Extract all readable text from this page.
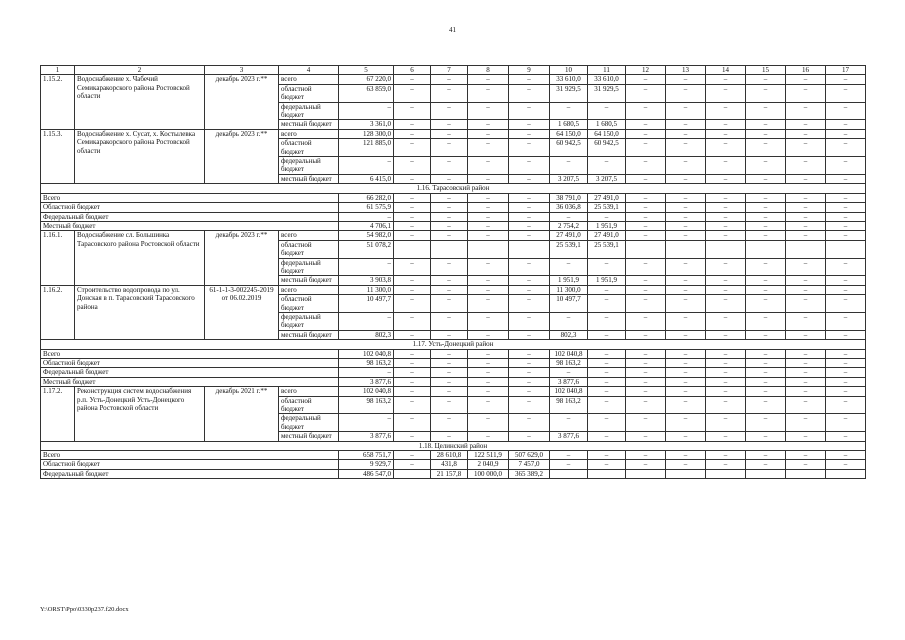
41
1	2	3	4	5	6	7	8	9	10	11	12	13	14	15	16	17
1.15.2.	Водоснабжение х. Чабечий Семикаракорского района Ростовской области	декабрь 2023 г.**	всего	67 220,0	–	–	–	–	33 610,0	33 610,0	–	–	–	–	–	–
			областной бюджет	63 859,0	–	–	–	–	31 929,5	31 929,5	–	–	–	–	–	–
			федеральный бюджет	–	–	–	–	–	–	–	–	–	–	–	–	–
			местный бюджет	3 361,0	–	–	–	–	1 680,5	1 680,5	–	–	–	–	–	–
1.15.3.	Водоснабжение х. Сусат, х. Костылевка Семикаракорского района Ростовской области	декабрь 2023 г.**	всего	128 300,0	–	–	–	–	64 150,0	64 150,0	–	–	–	–	–	–
			областной бюджет	121 885,0	–	–	–	–	60 942,5	60 942,5	–	–	–	–	–	–
			федеральный бюджет	–	–	–	–	–	–	–	–	–	–	–	–	–
			местный бюджет	6 415,0	–	–	–	–	3 207,5	3 207,5	–	–	–	–	–	–
1.16. Тарасовский район																
Всего				66 282,0	–	–	–	–	38 791,0	27 491,0	–	–	–	–	–	–
Областной бюджет				61 575,9	–	–	–	–	36 036,8	25 539,1	–	–	–	–	–	–
Федеральный бюджет				–	–	–	–	–	–	–	–	–	–	–	–	–
Местный бюджет				4 706,1	–	–	–	–	2 754,2	1 951,9	–	–	–	–	–	–
1.16.1.	Водоснабжение сл. Большинка Тарасовского района Ростовской области	декабрь 2023 г.**	всего	54 982,0	–	–	–	–	27 491,0	27 491,0	–	–	–	–	–	–
			областной бюджет	51 078,2					25 539,1	25 539,1						
			федеральный бюджет	–	–	–	–	–	–	–	–	–	–	–	–	–
			местный бюджет	3 903,8	–	–	–	–	1 951,9	1 951,9	–	–	–	–	–	–
1.16.2.	Строительство водопровода по ул. Донская в п. Тарасовский Тарасовского района	61-1-1-3-002245-2019 от 06.02.2019	всего	11 300,0	–	–	–	–	11 300,0	–	–	–	–	–	–	–
			областной бюджет	10 497,7	–	–	–	–	10 497,7	–	–	–	–	–	–	–
			федеральный бюджет	–	–	–	–	–	–	–	–	–	–	–	–	–
			местный бюджет	802,3	–	–	–	–	802,3	–	–	–	–	–	–	–
1.17. Усть-Донецкий район																
Всего				102 040,8	–	–	–	–	102 040,8	–	–	–	–	–	–	–
Областной бюджет				98 163,2	–	–	–	–	98 163,2	–	–	–	–	–	–	–
Федеральный бюджет				–	–	–	–	–	–	–	–	–	–	–	–	–
Местный бюджет				3 877,6	–	–	–	–	3 877,6	–	–	–	–	–	–	–
1.17.2.	Реконструкция систем водоснабжения р.п. Усть-Донецкий Усть-Донецкого района Ростовской области	декабрь 2021 г.**	всего	102 040,8	–	–	–	–	102 040,8	–	–	–	–	–	–	–
			областной бюджет	98 163,2	–	–	–	–	98 163,2	–	–	–	–	–	–	–
			федеральный бюджет	–	–	–	–	–	–	–	–	–	–	–	–	–
			местный бюджет	3 877,6	–	–	–	–	3 877,6	–	–	–	–	–	–	–
1.18. Целинский район																
Всего				658 751,7	–	28 610,8	122 511,9	507 629,0	–	–	–	–	–	–	–	–
Областной бюджет				9 929,7	–	431,8	2 040,9	7 457,0	–	–	–	–	–	–	–	–
Федеральный бюджет				486 547,0		21 157,8	100 000,0	365 389,2								
Y:\ORST\Ppo\0330p237.f20.docx
